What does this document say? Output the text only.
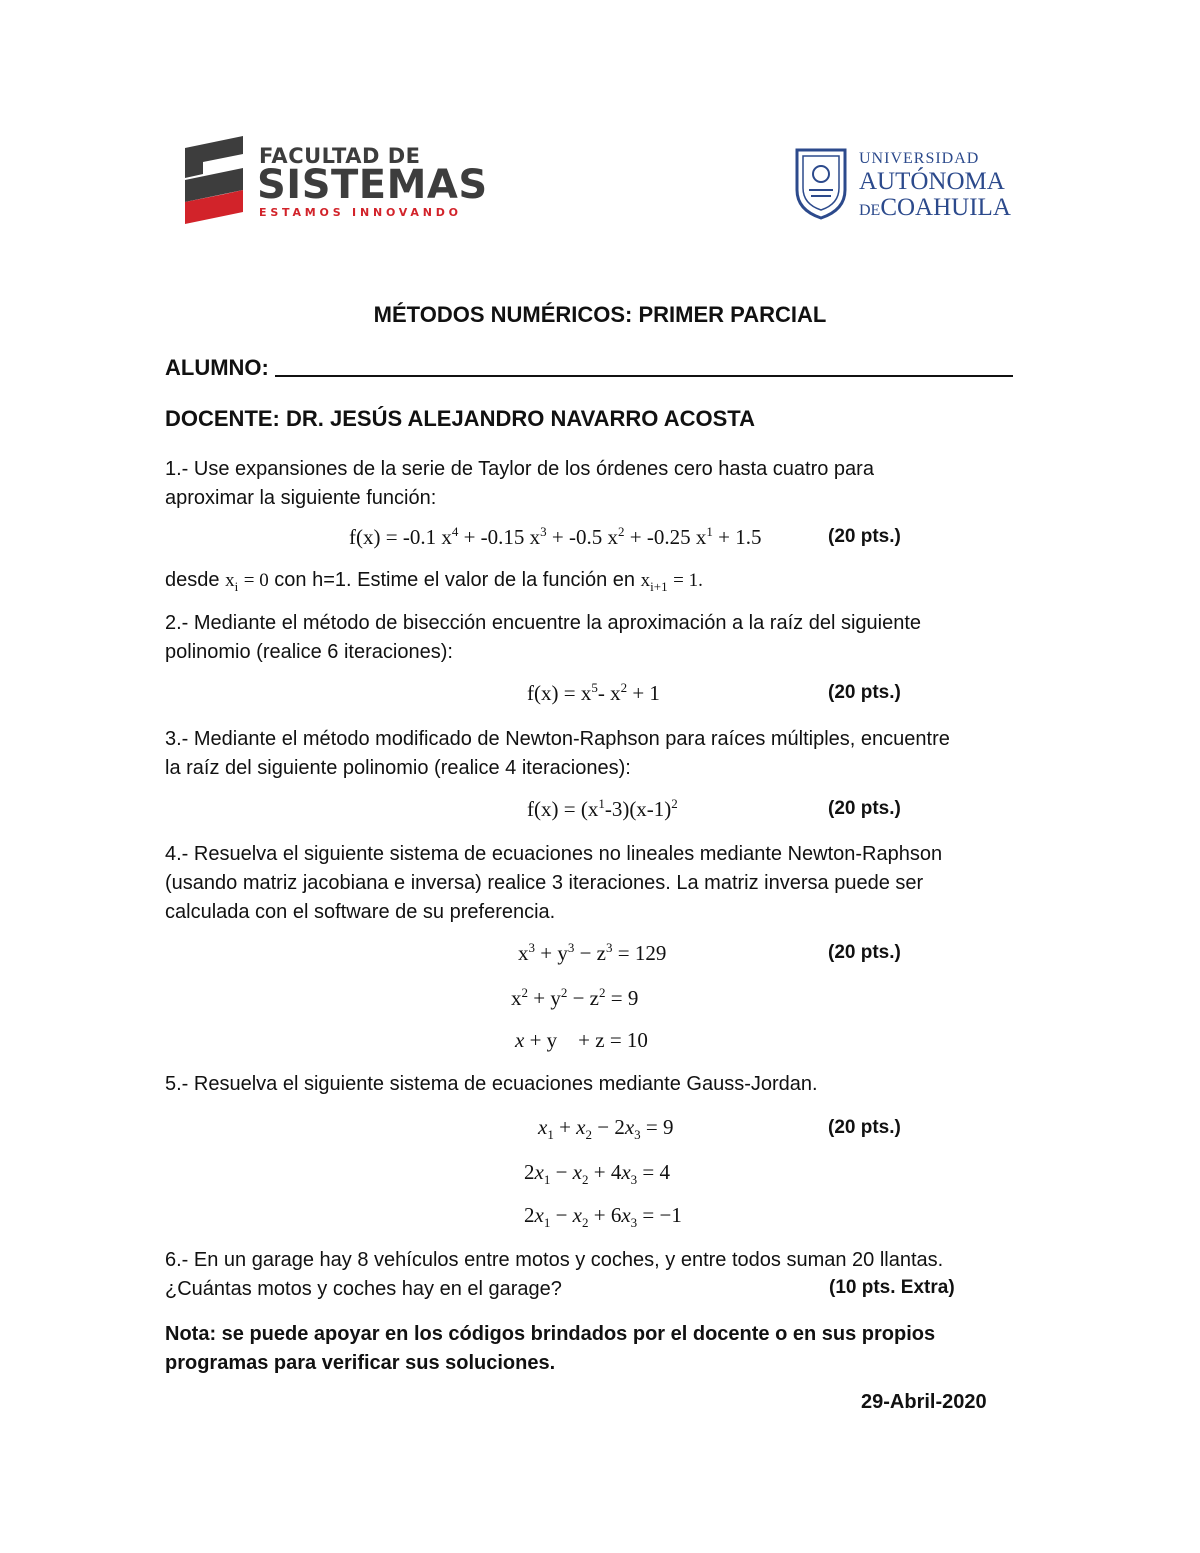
FACULTAD DE
SISTEMAS
ESTAMOS INNOVANDO
UNIVERSIDAD
AUTÓNOMA
DECOAHUILA
MÉTODOS NUMÉRICOS: PRIMER PARCIAL
ALUMNO:
DOCENTE: DR. JESÚS ALEJANDRO NAVARRO ACOSTA
1.- Use expansiones de la serie de Taylor de los órdenes cero hasta cuatro para
aproximar la siguiente función:
f(x) = -0.1 $x^4 + -0.15$ $x^3 + -0.5$ $x^2 + -0.25$ $x^1 + 1.5$	(20 pts.)
desde $x_i = 0$ con h=1. Estime el valor de la función en $x_{i+1} = 1$.
2.- Mediante el método de bisección encuentre la aproximación a la raíz del siguiente
polinomio (realice 6 iteraciones):
$f(x) = x^5-$ $x^2 + 1$	(20 pts.)
3.- Mediante el método modificado de Newton-Raphson para raíces múltiples, encuentre
la raíz del siguiente polinomio (realice 4 iteraciones):
$f(x) = (x^1-3)(x-1)^2$	(20 pts.)
4.- Resuelva el siguiente sistema de ecuaciones no lineales mediante Newton-Raphson
(usando matriz jacobiana e inversa) realice 3 iteraciones. La matriz inversa puede ser
calculada con el software de su preferencia.
$x^3 + y^3 - z^3 = 129$	(20 pts.)
$x^2 + y^2 - z^2 = 9$
x + y    + z = 10
5.- Resuelva el siguiente sistema de ecuaciones mediante Gauss-Jordan.
$x_1 + x_2 - 2x_3 = 9$	(20 pts.)
$2x_1 - x_2 + 4x_3 = 4$
$2x_1 - x_2 + 6x_3 = -1$
6.- En un garage hay 8 vehículos entre motos y coches, y entre todos suman 20 llantas.
¿Cuántas motos y coches hay en el garage?	(10 pts. Extra)
Nota: se puede apoyar en los códigos brindados por el docente o en sus propios
programas para verificar sus soluciones.
29-Abril-2020
